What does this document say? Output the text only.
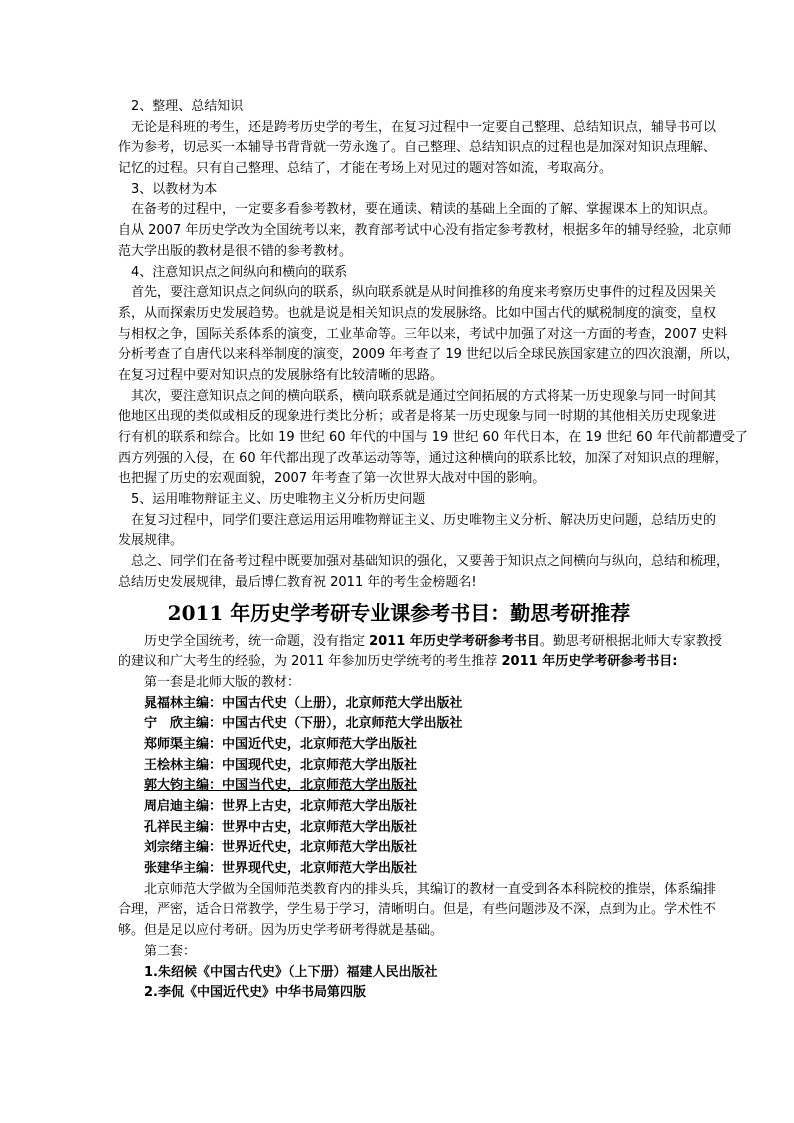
2、整理、总结知识
无论是科班的考生，还是跨考历史学的考生，在复习过程中一定要自己整理、总结知识点，辅导书可以
作为参考，切忌买一本辅导书背背就一劳永逸了。自己整理、总结知识点的过程也是加深对知识点理解、
记忆的过程。只有自己整理、总结了，才能在考场上对见过的题对答如流，考取高分。
3、以教材为本
在备考的过程中，一定要多看参考教材，要在通读、精读的基础上全面的了解、掌握课本上的知识点。
自从 2007 年历史学改为全国统考以来，教育部考试中心没有指定参考教材，根据多年的辅导经验，北京师
范大学出版的教材是很不错的参考教材。
4、注意知识点之间纵向和横向的联系
首先，要注意知识点之间纵向的联系，纵向联系就是从时间推移的角度来考察历史事件的过程及因果关
系，从而探索历史发展趋势。也就是说是相关知识点的发展脉络。比如中国古代的赋税制度的演变，皇权
与相权之争，国际关系体系的演变，工业革命等。三年以来，考试中加强了对这一方面的考查，2007 史料
分析考查了自唐代以来科举制度的演变，2009 年考查了 19 世纪以后全球民族国家建立的四次浪潮，所以，
在复习过程中要对知识点的发展脉络有比较清晰的思路。
其次，要注意知识点之间的横向联系，横向联系就是通过空间拓展的方式将某一历史现象与同一时间其
他地区出现的类似或相反的现象进行类比分析；或者是将某一历史现象与同一时期的其他相关历史现象进
行有机的联系和综合。比如 19 世纪 60 年代的中国与 19 世纪 60 年代日本，在 19 世纪 60 年代前都遭受了
西方列强的入侵，在 60 年代都出现了改革运动等等，通过这种横向的联系比较，加深了对知识点的理解，
也把握了历史的宏观面貌，2007 年考查了第一次世界大战对中国的影响。
5、运用唯物辩证主义、历史唯物主义分析历史问题
在复习过程中，同学们要注意运用运用唯物辩证主义、历史唯物主义分析、解决历史问题，总结历史的
发展规律。
总之、同学们在备考过程中既要加强对基础知识的强化，又要善于知识点之间横向与纵向，总结和梳理，
总结历史发展规律，最后博仁教育祝 2011 年的考生金榜题名!
2011 年历史学考研专业课参考书目：勤思考研推荐
历史学全国统考，统一命题，没有指定 2011 年历史学考研参考书目。勤思考研根据北师大专家教授
的建议和广大考生的经验，为 2011 年参加历史学统考的考生推荐 2011 年历史学考研参考书目:
第一套是北师大版的教材：
晁福林主编：中国古代史（上册），北京师范大学出版社
宁　欣主编：中国古代史（下册），北京师范大学出版社
郑师渠主编：中国近代史，北京师范大学出版社
王桧林主编：中国现代史，北京师范大学出版社
郭大钧主编：中国当代史，北京师范大学出版社
周启迪主编：世界上古史，北京师范大学出版社
孔祥民主编：世界中古史，北京师范大学出版社
刘宗绪主编：世界近代史，北京师范大学出版社
张建华主编：世界现代史，北京师范大学出版社
北京师范大学做为全国师范类教育内的排头兵，其编订的教材一直受到各本科院校的推崇，体系编排
合理，严密，适合日常教学，学生易于学习，清晰明白。但是，有些问题涉及不深，点到为止。学术性不
够。但是足以应付考研。因为历史学考研考得就是基础。
第二套：
1.朱绍候《中国古代史》（上下册）福建人民出版社
2.李侃《中国近代史》中华书局第四版
